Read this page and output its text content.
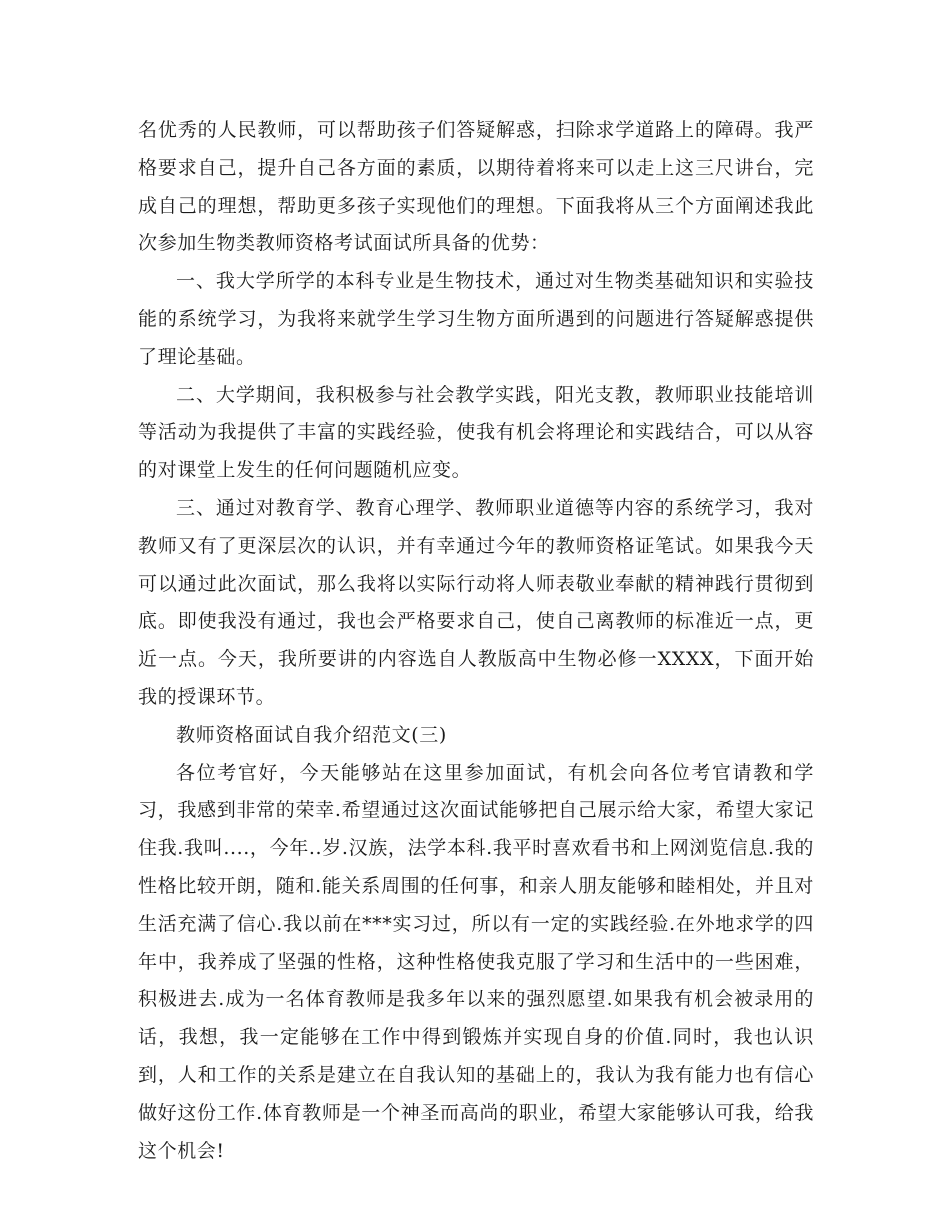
名优秀的人民教师，可以帮助孩子们答疑解惑，扫除求学道路上的障碍。我严格要求自己，提升自己各方面的素质，以期待着将来可以走上这三尺讲台，完成自己的理想，帮助更多孩子实现他们的理想。下面我将从三个方面阐述我此次参加生物类教师资格考试面试所具备的优势：

一、我大学所学的本科专业是生物技术，通过对生物类基础知识和实验技能的系统学习，为我将来就学生学习生物方面所遇到的问题进行答疑解惑提供了理论基础。

二、大学期间，我积极参与社会教学实践，阳光支教，教师职业技能培训等活动为我提供了丰富的实践经验，使我有机会将理论和实践结合，可以从容的对课堂上发生的任何问题随机应变。

三、通过对教育学、教育心理学、教师职业道德等内容的系统学习，我对教师又有了更深层次的认识，并有幸通过今年的教师资格证笔试。如果我今天可以通过此次面试，那么我将以实际行动将人师表敬业奉献的精神践行贯彻到底。即使我没有通过，我也会严格要求自己，使自己离教师的标准近一点，更近一点。今天，我所要讲的内容选自人教版高中生物必修一XXXX，下面开始我的授课环节。

教师资格面试自我介绍范文(三)

各位考官好，今天能够站在这里参加面试，有机会向各位考官请教和学习，我感到非常的荣幸.希望通过这次面试能够把自己展示给大家，希望大家记住我.我叫....，今年..岁.汉族，法学本科.我平时喜欢看书和上网浏览信息.我的性格比较开朗，随和.能关系周围的任何事，和亲人朋友能够和睦相处，并且对生活充满了信心.我以前在***实习过，所以有一定的实践经验.在外地求学的四年中，我养成了坚强的性格，这种性格使我克服了学习和生活中的一些困难，积极进去.成为一名体育教师是我多年以来的强烈愿望.如果我有机会被录用的话，我想，我一定能够在工作中得到锻炼并实现自身的价值.同时，我也认识到，人和工作的关系是建立在自我认知的基础上的，我认为我有能力也有信心做好这份工作.体育教师是一个神圣而高尚的职业，希望大家能够认可我，给我这个机会!
